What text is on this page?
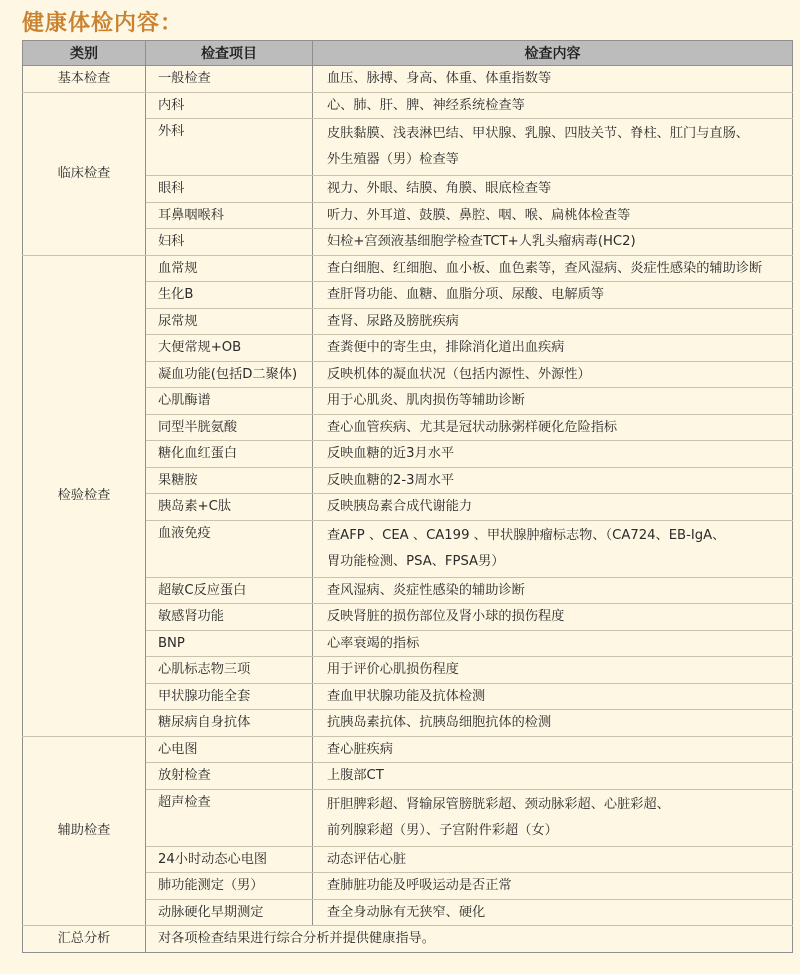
健康体检内容：
类别	检查项目	检查内容
基本检查	一般检查	血压、脉搏、身高、体重、体重指数等

临床检查	内科	心、肺、肝、脾、神经系统检查等

	外科	皮肤黏膜、浅表淋巴结、甲状腺、乳腺、四肢关节、脊柱、肛门与直肠、
外生殖器（男）检查等

	眼科	视力、外眼、结膜、角膜、眼底检查等

	耳鼻咽喉科	听力、外耳道、鼓膜、鼻腔、咽、喉、扁桃体检查等

	妇科	妇检+宫颈液基细胞学检查TCT+人乳头瘤病毒(HC2)

检验检查	血常规	查白细胞、红细胞、血小板、血色素等，查风湿病、炎症性感染的辅助诊断

	生化B	查肝肾功能、血糖、血脂分项、尿酸、电解质等

	尿常规	查肾、尿路及膀胱疾病

	大便常规+OB	查粪便中的寄生虫，排除消化道出血疾病

	凝血功能(包括D二聚体)	反映机体的凝血状况（包括内源性、外源性）

	心肌酶谱	用于心肌炎、肌肉损伤等辅助诊断

	同型半胱氨酸	查心血管疾病、尤其是冠状动脉粥样硬化危险指标

	糖化血红蛋白	反映血糖的近3月水平

	果糖胺	反映血糖的2-3周水平

	胰岛素+C肽	反映胰岛素合成代谢能力

	血液免疫	查AFP 、CEA 、CA199 、甲状腺肿瘤标志物、（CA724、EB-IgA、
胃功能检测、PSA、FPSA男）

	超敏C反应蛋白	查风湿病、炎症性感染的辅助诊断

	敏感肾功能	反映肾脏的损伤部位及肾小球的损伤程度

	BNP	心率衰竭的指标

	心肌标志物三项	用于评价心肌损伤程度

	甲状腺功能全套	查血甲状腺功能及抗体检测

	糖尿病自身抗体	抗胰岛素抗体、抗胰岛细胞抗体的检测

辅助检查	心电图	查心脏疾病

	放射检查	上腹部CT

	超声检查	肝胆脾彩超、肾输尿管膀胱彩超、颈动脉彩超、心脏彩超、
前列腺彩超（男）、子宫附件彩超（女）

	24小时动态心电图	动态评估心脏

	肺功能测定（男）	查肺脏功能及呼吸运动是否正常

	动脉硬化早期测定	查全身动脉有无狭窄、硬化

汇总分析	对各项检查结果进行综合分析并提供健康指导。	
